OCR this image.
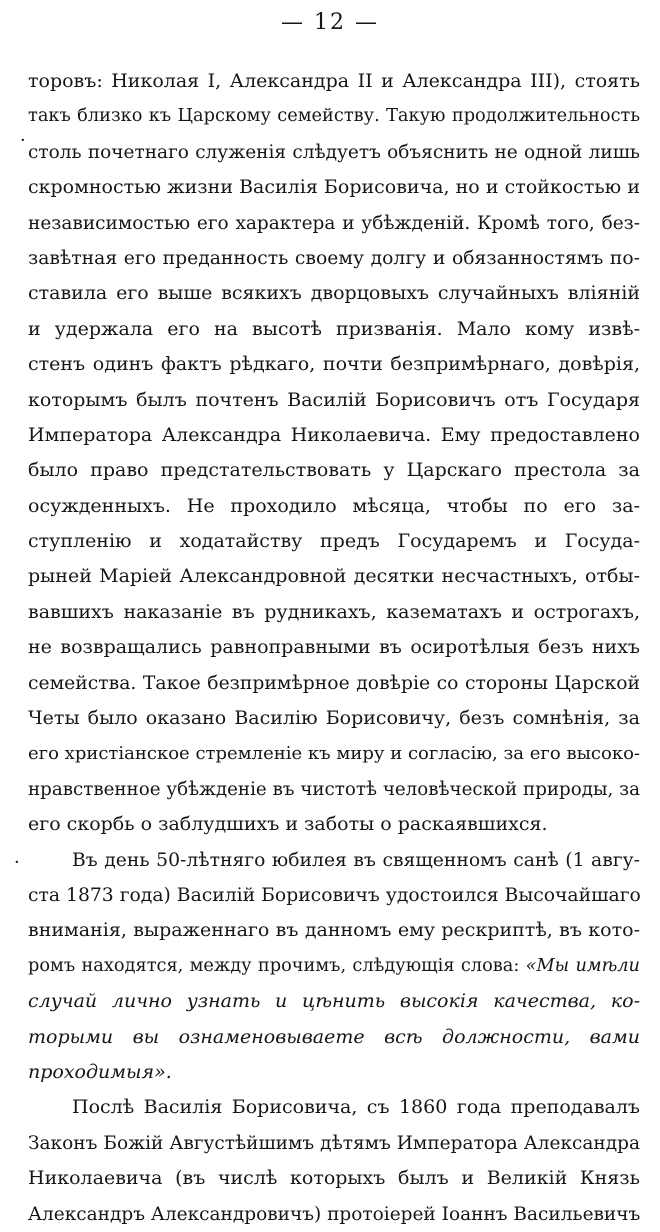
— 12 —
торовъ: Николая I, Александра II и Александра III), стоять
такъ близко къ Царскому семейству. Такую продолжительность
столь почетнаго служенія слѣдуетъ объяснить не одной лишь
скромностью жизни Василія Борисовича, но и стойкостью и
независимостью его характера и убѣжденій. Кромѣ того, без-
завѣтная его преданность своему долгу и обязанностямъ по-
ставила его выше всякихъ дворцовыхъ случайныхъ вліяній
и удержала его на высотѣ призванія. Мало кому извѣ-
стенъ одинъ фактъ рѣдкаго, почти безпримѣрнаго, довѣрія,
которымъ былъ почтенъ Василій Борисовичъ отъ Государя
Императора Александра Николаевича. Ему предоставлено
было право предстательствовать у Царскаго престола за
осужденныхъ. Не проходило мѣсяца, чтобы по его за-
ступленію и ходатайству предъ Государемъ и Госуда-
рыней Маріей Александровной десятки несчастныхъ, отбы-
вавшихъ наказаніе въ рудникахъ, казематахъ и острогахъ,
не возвращались равноправными въ осиротѣлыя безъ нихъ
семейства. Такое безпримѣрное довѣріе со стороны Царской
Четы было оказано Василію Борисовичу, безъ сомнѣнія, за
его христіанское стремленіе къ миру и согласію, за его высоко-
нравственное убѣжденіе въ чистотѣ человѣческой природы, за
его скорбь о заблудшихъ и заботы о раскаявшихся.
Въ день 50-лѣтняго юбилея въ священномъ санѣ (1 авгу-
ста 1873 года) Василій Борисовичъ удостоился Высочайшаго
вниманія, выраженнаго въ данномъ ему рескриптѣ, въ кото-
ромъ находятся, между прочимъ, слѣдующія слова: «Мы имѣли
случай лично узнать и цѣнить высокія качества, ко-
торыми вы ознаменовываете всѣ должности, вами
проходимыя».
Послѣ Василія Борисовича, съ 1860 года преподавалъ
Законъ Божій Августѣйшимъ дѣтямъ Императора Александра
Николаевича (въ числѣ которыхъ былъ и Великій Князь
Александръ Александровичъ) протоіерей Іоаннъ Васильевичъ
·
·
